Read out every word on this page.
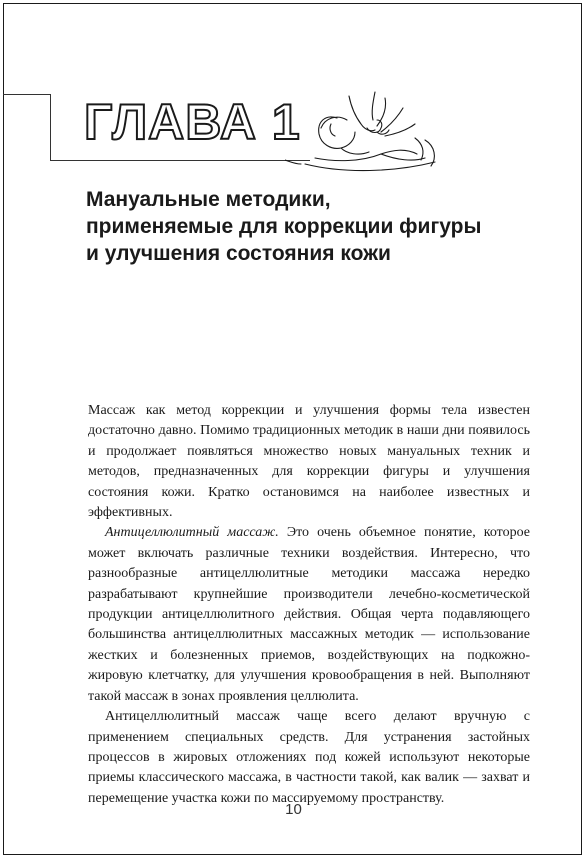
ГЛАВА 1
Мануальные методики,
применяемые для коррекции фигуры
и улучшения состояния кожи

Массаж как метод коррекции и улучшения формы тела известен достаточно давно. Помимо традиционных методик в наши дни появилось и продолжает появляться множество новых мануальных техник и методов, предназначенных для коррекции фигуры и улучшения состояния кожи. Кратко остановимся на наиболее известных и эффективных.

Антицеллюлитный массаж. Это очень объемное понятие, которое может включать различные техники воздействия. Интересно, что разнообразные антицеллюлитные методики массажа нередко разрабатывают крупнейшие производители лечебно-косметической продукции антицеллюлитного действия. Общая черта подавляющего большинства антицеллюлитных массажных методик — использование жестких и болезненных приемов, воздействующих на подкожно-жировую клетчатку, для улучшения кровообращения в ней. Выполняют такой массаж в зонах проявления целлюлита.

Антицеллюлитный массаж чаще всего делают вручную с применением специальных средств. Для устранения застойных процессов в жировых отложениях под кожей используют некоторые приемы классического массажа, в частности такой, как валик — захват и перемещение участка кожи по массируемому пространству.

10
